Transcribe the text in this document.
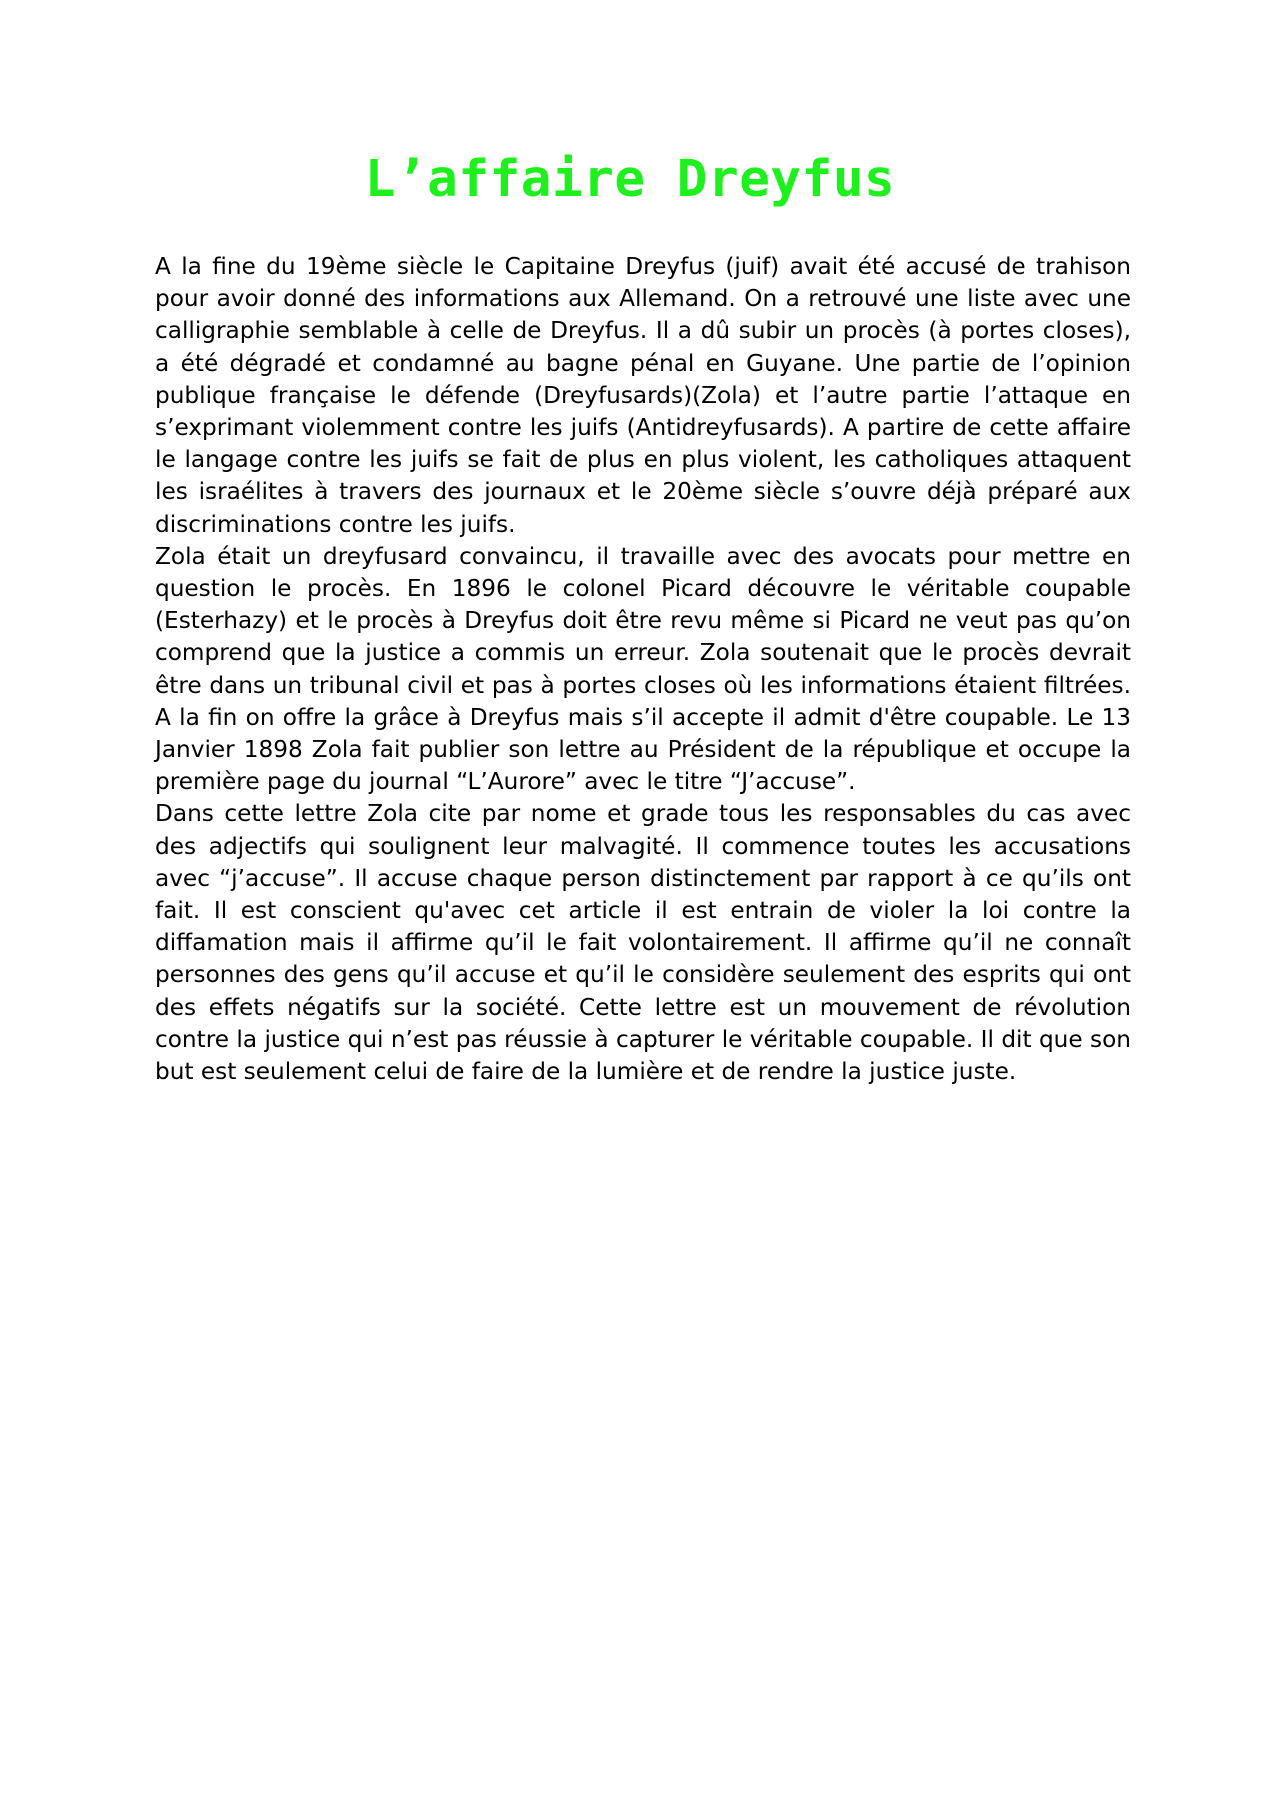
L’affaire Dreyfus

A la fine du 19ème siècle le Capitaine Dreyfus (juif) avait été accusé de trahison pour avoir donné des informations aux Allemand. On a retrouvé une liste avec une calligraphie semblable à celle de Dreyfus. Il a dû subir un procès (à portes closes), a été dégradé et condamné au bagne pénal en Guyane. Une partie de l’opinion publique française le défende (Dreyfusards)(Zola) et l’autre partie l’attaque en s’exprimant violemment contre les juifs (Antidreyfusards). A partire de cette affaire le langage contre les juifs se fait de plus en plus violent, les catholiques attaquent les israélites à travers des journaux et le 20ème siècle s’ouvre déjà préparé aux discriminations contre les juifs.

Zola était un dreyfusard convaincu, il travaille avec des avocats pour mettre en question le procès. En 1896 le colonel Picard découvre le véritable coupable (Esterhazy) et le procès à Dreyfus doit être revu même si Picard ne veut pas qu’on comprend que la justice a commis un erreur. Zola soutenait que le procès devrait être dans un tribunal civil et pas à portes closes où les informations étaient filtrées. A la fin on offre la grâce à Dreyfus mais s’il accepte il admit d'être coupable. Le 13 Janvier 1898 Zola fait publier son lettre au Président de la république et occupe la première page du journal “L’Aurore” avec le titre “J’accuse”.

Dans cette lettre Zola cite par nome et grade tous les responsables du cas avec des adjectifs qui soulignent leur malvagité. Il commence toutes les accusations avec “j’accuse”. Il accuse chaque person distinctement par rapport à ce qu’ils ont fait. Il est conscient qu'avec cet article il est entrain de violer la loi contre la diffamation mais il affirme qu’il le fait volontairement. Il affirme qu’il ne connaît personnes des gens qu’il accuse et qu’il le considère seulement des esprits qui ont des effets négatifs sur la société. Cette lettre est un mouvement de révolution contre la justice qui n’est pas réussie à capturer le véritable coupable. Il dit que son but est seulement celui de faire de la lumière et de rendre la justice juste.
